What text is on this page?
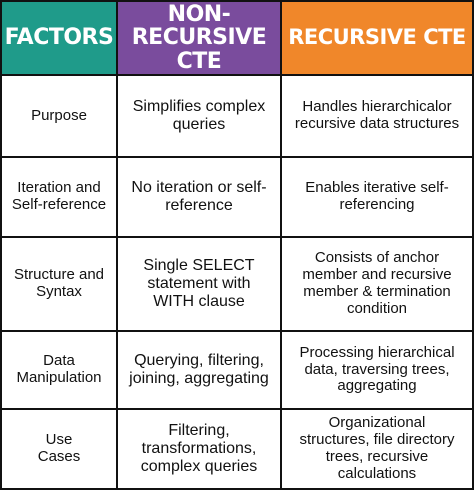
FACTORS
NON-RECURSIVE CTE
RECURSIVE CTE
Purpose	Simplifies complex queries
Handles hierarchicalor recursive data structures
Iteration and Self-reference
No iteration or self-reference
Enables iterative self-referencing
Structure and Syntax
Single SELECT statement with WITH clause
Consists of anchor member and recursive member & termination condition
Data Manipulation
Querying, filtering, joining, aggregating
Processing hierarchical data, traversing trees, aggregating
Use Cases
Filtering, transformations, complex queries
Organizational structures, file directory trees, recursive calculations
